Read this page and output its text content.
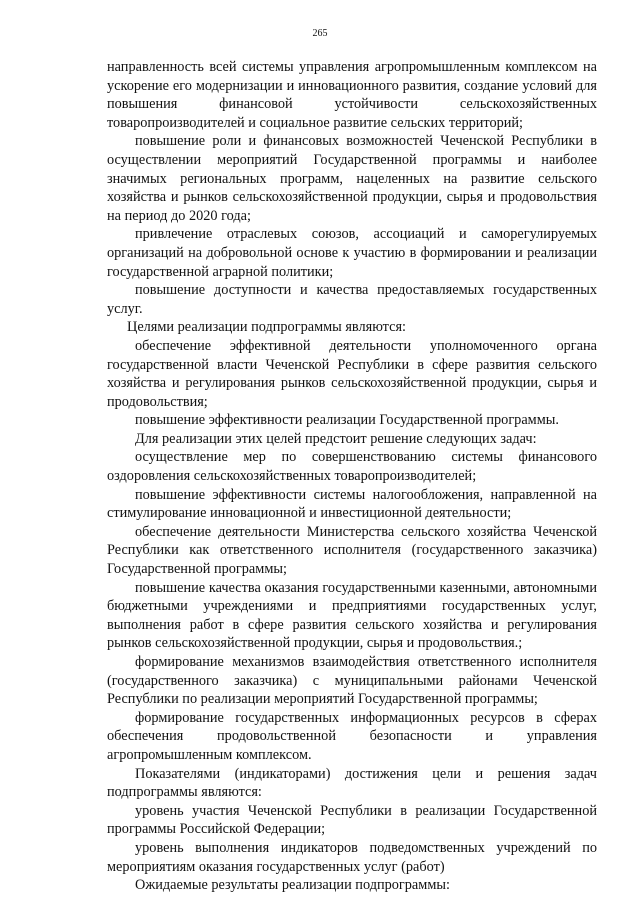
265

направленность всей системы управления агропромышленным комплексом на ускорение его модернизации и инновационного развития, создание условий для повышения финансовой устойчивости сельскохозяйственных товаропроизводителей и социальное развитие сельских территорий;

повышение роли и финансовых возможностей Чеченской Республики в осуществлении мероприятий Государственной программы и наиболее значимых региональных программ, нацеленных на развитие сельского хозяйства и рынков сельскохозяйственной продукции, сырья и продовольствия на период до 2020 года;

привлечение отраслевых союзов, ассоциаций и саморегулируемых организаций на добровольной основе к участию в формировании и реализации государственной аграрной политики;

повышение доступности и качества предоставляемых государственных услуг.

Целями реализации подпрограммы являются:

обеспечение эффективной деятельности уполномоченного органа государственной власти Чеченской Республики в сфере развития сельского хозяйства и регулирования рынков сельскохозяйственной продукции, сырья и продовольствия;

повышение эффективности реализации Государственной программы.

Для реализации этих целей предстоит решение следующих задач:

осуществление мер по совершенствованию системы финансового оздоровления сельскохозяйственных товаропроизводителей;

повышение эффективности системы налогообложения, направленной на стимулирование инновационной и инвестиционной деятельности;

обеспечение деятельности Министерства сельского хозяйства Чеченской Республики как ответственного исполнителя (государственного заказчика) Государственной программы;

повышение качества оказания государственными казенными, автономными бюджетными учреждениями и предприятиями государственных услуг, выполнения работ в сфере развития сельского хозяйства и регулирования рынков сельскохозяйственной продукции, сырья и продовольствия.;

формирование механизмов взаимодействия ответственного исполнителя (государственного заказчика) с муниципальными районами Чеченской Республики по реализации мероприятий Государственной программы;

формирование государственных информационных ресурсов в сферах обеспечения продовольственной безопасности и управления агропромышленным комплексом.

Показателями (индикаторами) достижения цели и решения задач подпрограммы являются:

уровень участия Чеченской Республики в реализации Государственной программы Российской Федерации;

уровень выполнения индикаторов подведомственных учреждений по мероприятиям оказания государственных услуг (работ)

Ожидаемые результаты реализации подпрограммы:
